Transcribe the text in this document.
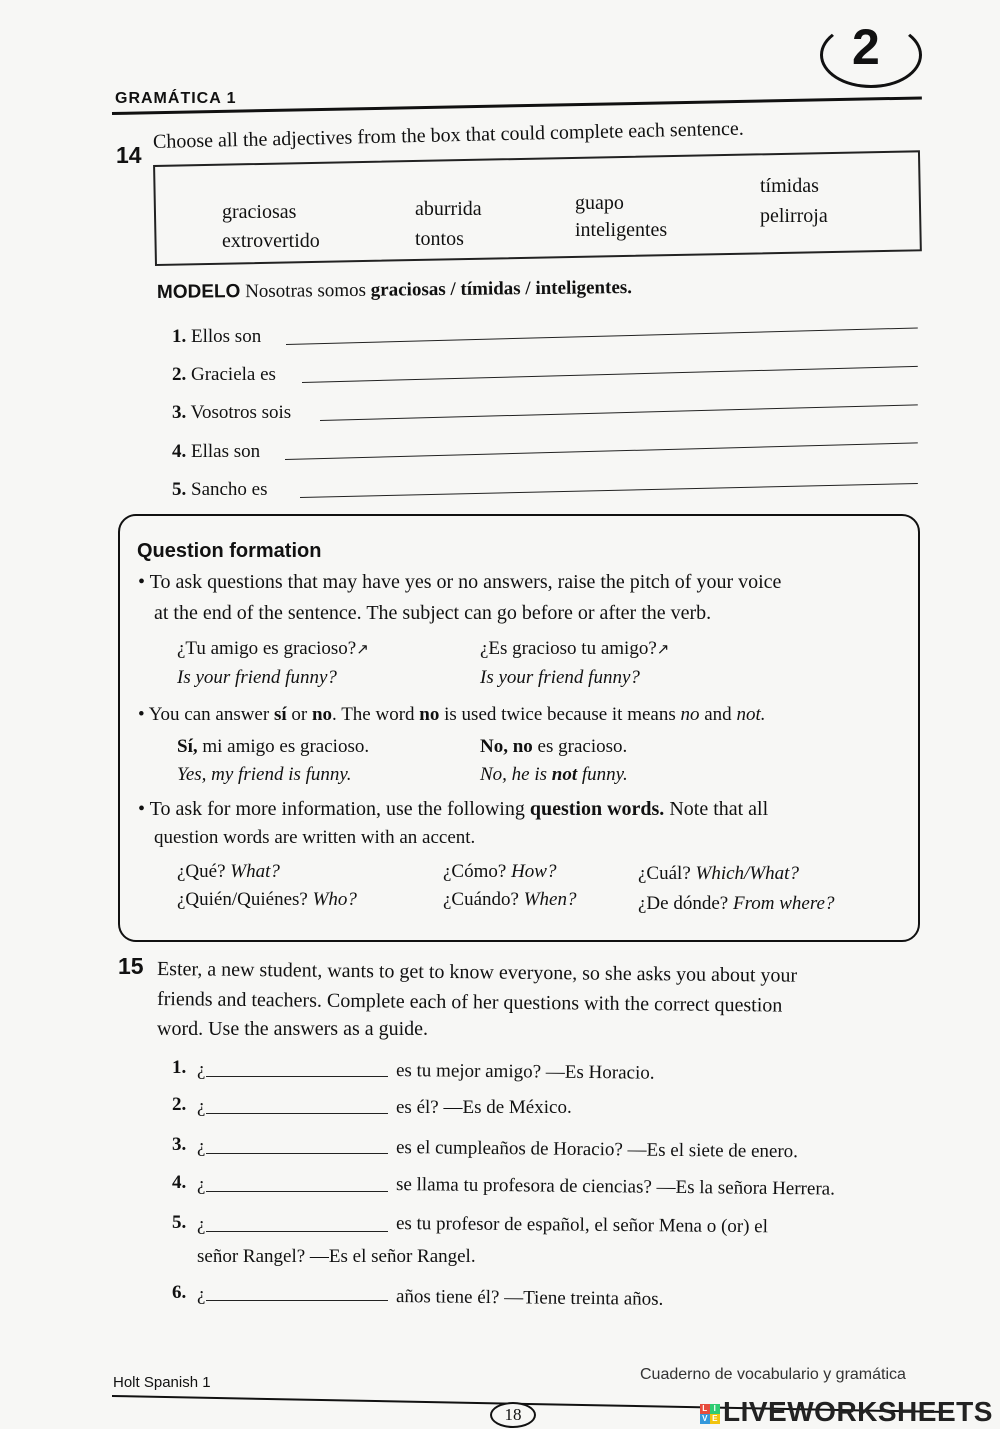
2
GRAMÁTICA 1
14
Choose all the adjectives from the box that could complete each sentence.
graciosas
extrovertido
aburrida
tontos
guapo
inteligentes
tímidas
pelirroja
MODELO Nosotras somos graciosas / tímidas / inteligentes.
1. Ellos son
2. Graciela es
3. Vosotros sois
4. Ellas son
5. Sancho es
Question formation
• To ask questions that may have yes or no answers, raise the pitch of your voice
at the end of the sentence. The subject can go before or after the verb.
¿Tu amigo es gracioso?↗	¿Es gracioso tu amigo?↗
Is your friend funny?	Is your friend funny?
• You can answer sí or no. The word no is used twice because it means no and not.
Sí, mi amigo es gracioso.	No, no es gracioso.
Yes, my friend is funny.	No, he is not funny.
• To ask for more information, use the following question words. Note that all
question words are written with an accent.
¿Qué? What?	¿Cómo? How?	¿Cuál? Which/What?
¿Quién/Quiénes? Who?	¿Cuándo? When?	¿De dónde? From where?
15 Ester, a new student, wants to get to know everyone, so she asks you about your
friends and teachers. Complete each of her questions with the correct question
word. Use the answers as a guide.
1. ¿	es tu mejor amigo? —Es Horacio.
2. ¿	es él? —Es de México.
3. ¿	es el cumpleaños de Horacio? —Es el siete de enero.
4. ¿	se llama tu profesora de ciencias? —Es la señora Herrera.
5. ¿	es tu profesor de español, el señor Mena o (or) el
señor Rangel? —Es el señor Rangel.
6. ¿	años tiene él? —Tiene treinta años.
Holt Spanish 1
18
Cuaderno de vocabulario y gramática
L I
V E LIVEWORKSHEETS
